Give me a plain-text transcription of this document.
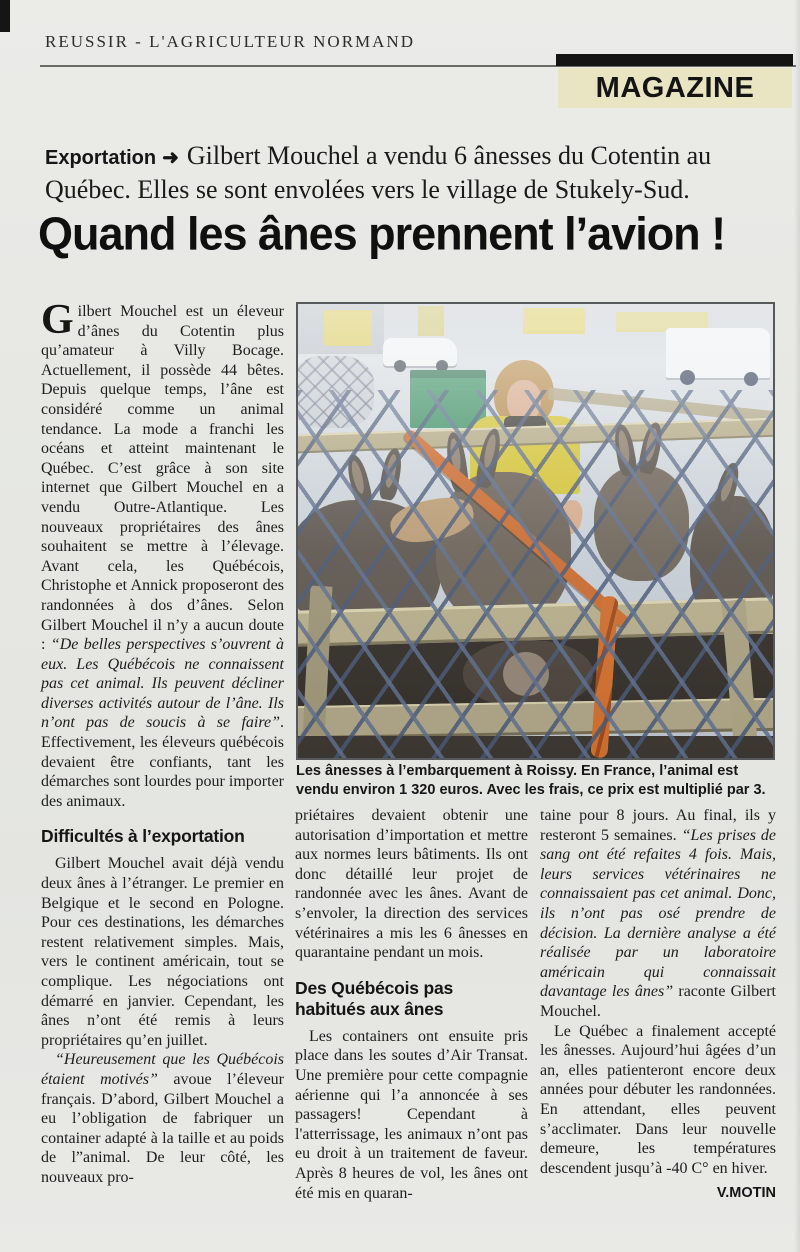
REUSSIR - L'AGRICULTEUR NORMAND
MAGAZINE
Exportation ➜ Gilbert Mouchel a vendu 6 ânesses du Cotentin au Québec. Elles se sont envolées vers le village de Stukely-Sud.
Quand les ânes prennent l’avion !

Gilbert Mouchel est un éleveur d’ânes du Cotentin plus qu’amateur à Villy Bocage. Actuellement, il possède 44 bêtes. Depuis quelque temps, l’âne est considéré comme un animal tendance. La mode a franchi les océans et atteint maintenant le Québec. C’est grâce à son site internet que Gilbert Mouchel en a vendu Outre-Atlantique. Les nouveaux propriétaires des ânes souhaitent se mettre à l’élevage. Avant cela, les Québécois, Christophe et Annick proposeront des randonnées à dos d’ânes. Selon Gilbert Mouchel il n’y a aucun doute : “De belles perspectives s’ouvrent à eux. Les Québécois ne connaissent pas cet animal. Ils peuvent décliner diverses activités autour de l’âne. Ils n’ont pas de soucis à se faire”. Effectivement, les éleveurs québécois devaient être confiants, tant les démarches sont lourdes pour importer des animaux.

Difficultés à l’exportation

Gilbert Mouchel avait déjà vendu deux ânes à l’étranger. Le premier en Belgique et le second en Pologne. Pour ces destinations, les démarches restent relativement simples. Mais, vers le continent américain, tout se complique. Les négociations ont démarré en janvier. Cependant, les ânes n’ont été remis à leurs propriétaires qu’en juillet.

“Heureusement que les Québécois étaient motivés” avoue l’éleveur français. D’abord, Gilbert Mouchel a eu l’obligation de fabriquer un container adapté à la taille et au poids de l”animal. De leur côté, les nouveaux pro-

Les ânesses à l’embarquement à Roissy. En France, l’animal est vendu environ 1 320 euros. Avec les frais, ce prix est multiplié par 3.

priétaires devaient obtenir une autorisation d’importation et mettre aux normes leurs bâtiments. Ils ont donc détaillé leur projet de randonnée avec les ânes. Avant de s’envoler, la direction des services vétérinaires a mis les 6 ânesses en quarantaine pendant un mois.

Des Québécois pas habitués aux ânes

Les containers ont ensuite pris place dans les soutes d’Air Transat. Une première pour cette compagnie aérienne qui l’a annoncée à ses passagers! Cependant à l'atterrissage, les animaux n’ont pas eu droit à un traitement de faveur. Après 8 heures de vol, les ânes ont été mis en quaran-

taine pour 8 jours. Au final, ils y resteront 5 semaines. “Les prises de sang ont été refaites 4 fois. Mais, leurs services vétérinaires ne connaissaient pas cet animal. Donc, ils n’ont pas osé prendre de décision. La dernière analyse a été réalisée par un laboratoire américain qui connaissait davantage les ânes” raconte Gilbert Mouchel.

Le Québec a finalement accepté les ânesses. Aujourd’hui âgées d’un an, elles patienteront encore deux années pour débuter les randonnées. En attendant, elles peuvent s’acclimater. Dans leur nouvelle demeure, les températures descendent jusqu’à -40 C° en hiver.

V.MOTIN
